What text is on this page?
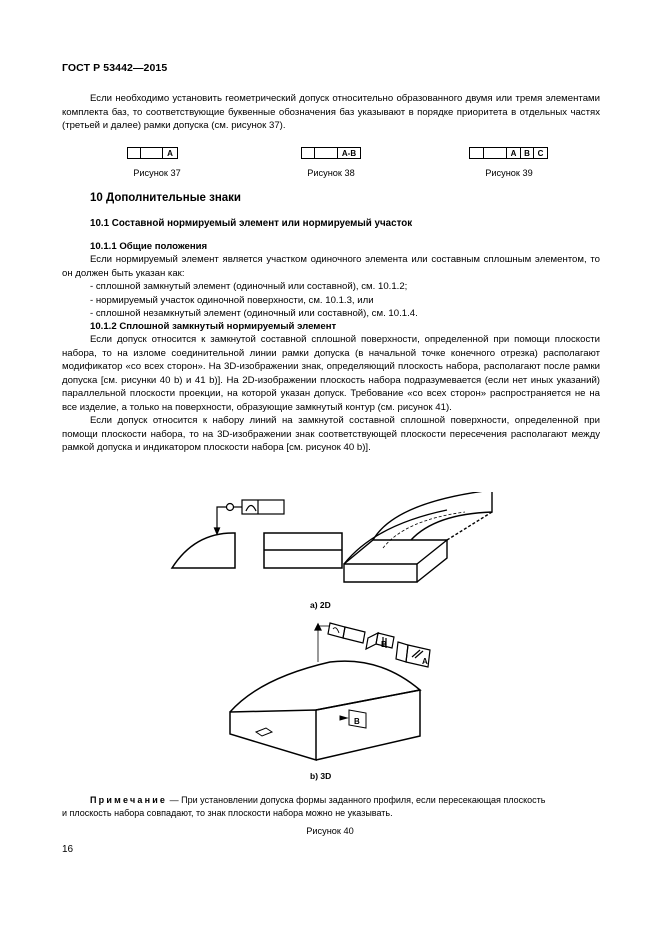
ГОСТ Р 53442—2015

Если необходимо установить геометрический допуск относительно образованного двумя или тремя элементами комплекта баз, то соответствующие буквенные обозначения баз указывают в порядке приоритета в отдельных частях (третьей и далее) рамки допуска (см. рисунок 37).

A
Рисунок 37
A-B
Рисунок 38
A B C
Рисунок 39
10 Дополнительные знаки
10.1 Составной нормируемый элемент или нормируемый участок
10.1.1 Общие положения

Если нормируемый элемент является участком одиночного элемента или составным сплошным элементом, то он должен быть указан как:

- сплошной замкнутый элемент (одиночный или составной), см. 10.1.2;

- нормируемый участок одиночной поверхности, см. 10.1.3, или

- сплошной незамкнутый элемент (одиночный или составной), см. 10.1.4.

10.1.2 Сплошной замкнутый нормируемый элемент

Если допуск относится к замкнутой составной сплошной поверхности, определенной при помощи плоскости набора, то на изломе соединительной линии рамки допуска (в начальной точке конечного отрезка) располагают модификатор «со всех сторон». На 3D-изображении знак, определяющий плоскость набора, располагают после рамки допуска [см. рисунки 40 b) и 41 b)]. На 2D-изображении плоскость набора подразумевается (если нет иных указаний) параллельной плоскости проекции, на которой указан допуск. Требование «со всех сторон» распространяется не на все изделие, а только на поверхности, образующие замкнутый контур (см. рисунок 41).

Если допуск относится к набору линий на замкнутой составной сплошной поверхности, определенной при помощи плоскости набора, то на 3D-изображении знак соответствующей плоскости пересечения располагают между рамкой допуска и индикатором плоскости набора [см. рисунок 40 b)].

а) 2D
B
A
B
b) 3D
Примечание — При установлении допуска формы заданного профиля, если пересекающая плоскость
и плоскость набора совпадают, то знак плоскости набора можно не указывать.
Рисунок 40
16
